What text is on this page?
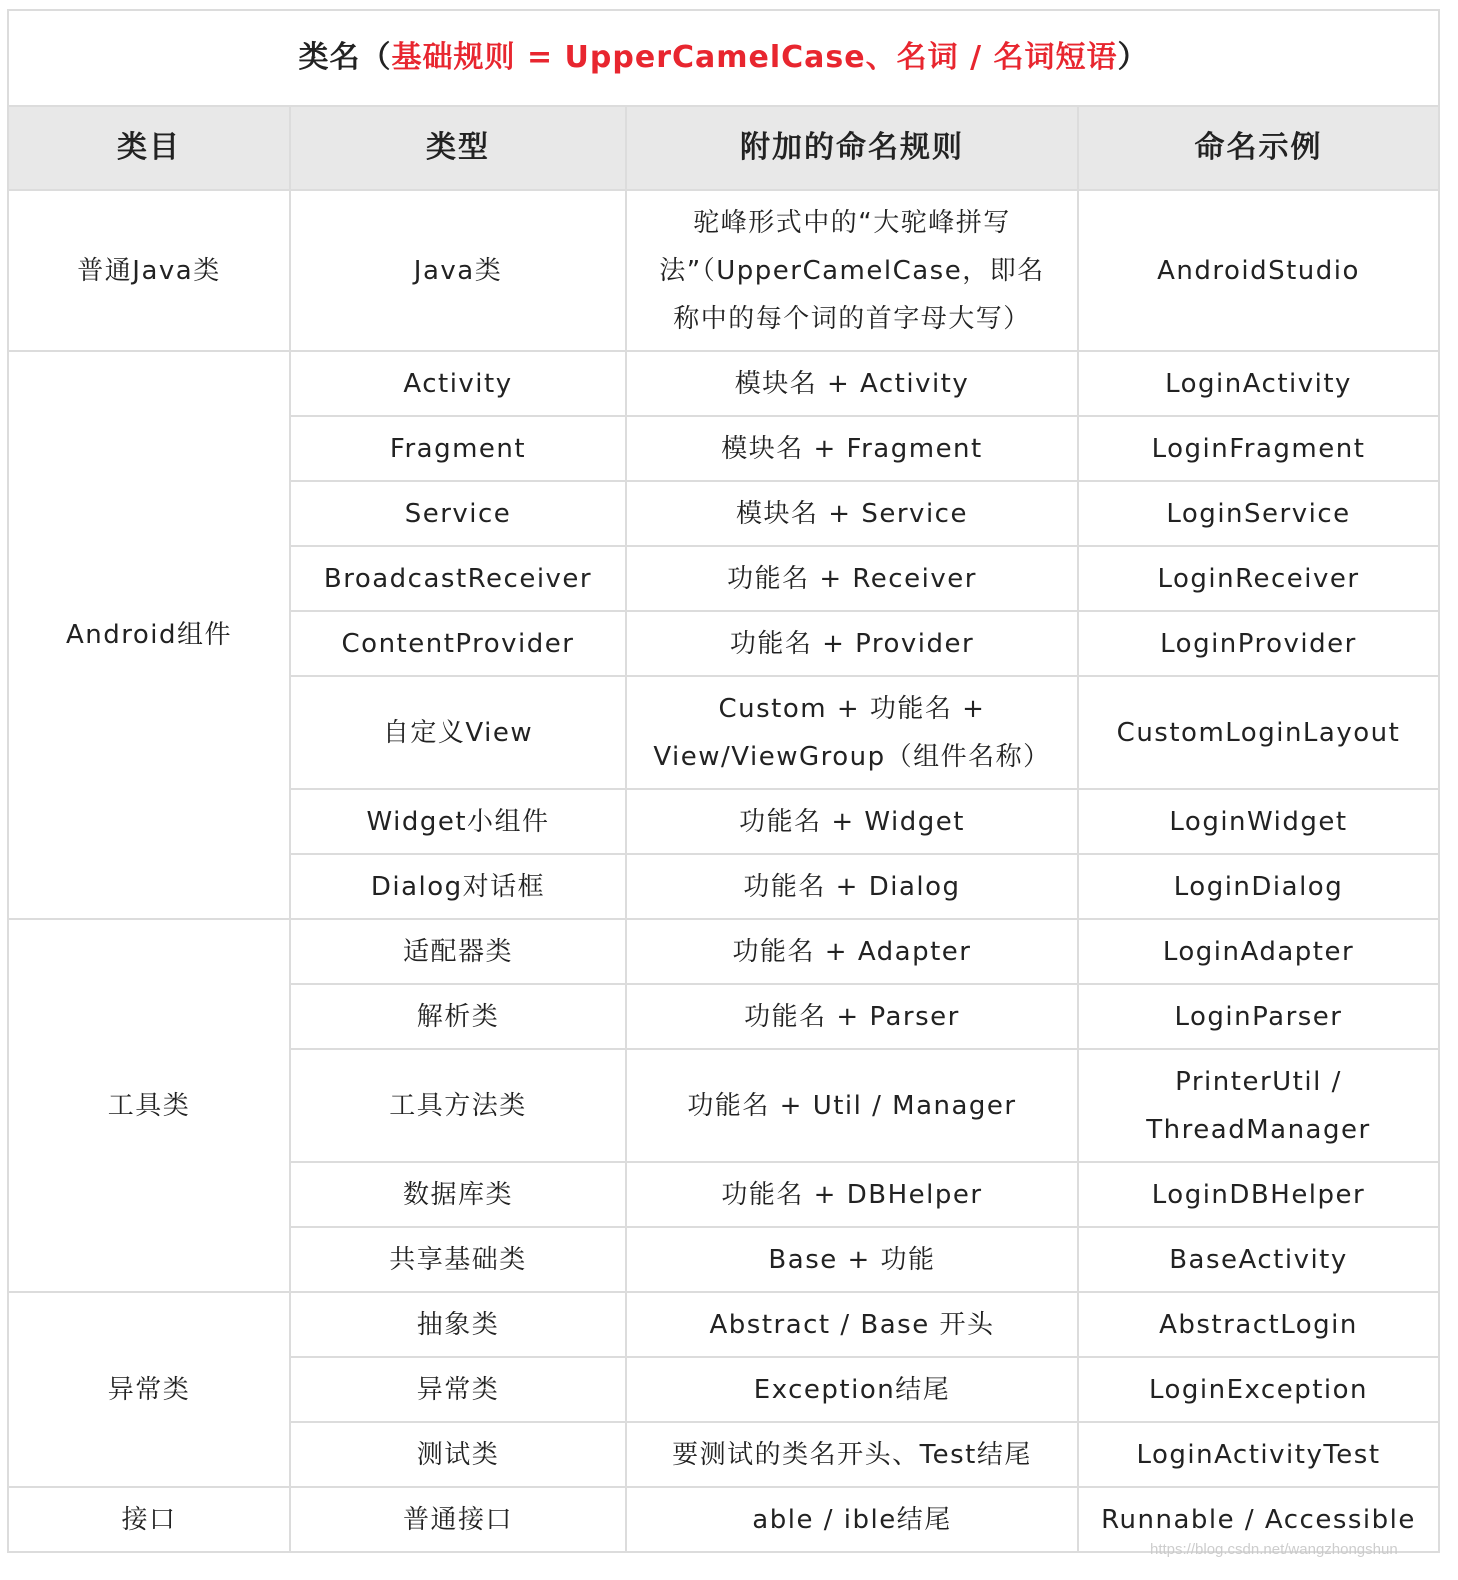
类名（基础规则 = UpperCamelCase、名词 / 名词短语）			
类目	类型	附加的命名规则	命名示例
普通Java类	Java类	驼峰形式中的“大驼峰拼写法”（UpperCamelCase，即名称中的每个词的首字母大写）	AndroidStudio
Android组件	Activity	模块名 + Activity	LoginActivity
	Fragment	模块名 + Fragment	LoginFragment
	Service	模块名 + Service	LoginService
	BroadcastReceiver	功能名 + Receiver	LoginReceiver
	ContentProvider	功能名 + Provider	LoginProvider
	自定义View	Custom + 功能名 + View/ViewGroup（组件名称）	CustomLoginLayout
	Widget小组件	功能名 + Widget	LoginWidget
	Dialog对话框	功能名 + Dialog	LoginDialog
工具类	适配器类	功能名 + Adapter	LoginAdapter
	解析类	功能名 + Parser	LoginParser
	工具方法类	功能名 + Util / Manager	PrinterUtil / ThreadManager
	数据库类	功能名 + DBHelper	LoginDBHelper
	共享基础类	Base + 功能	BaseActivity
异常类	抽象类	Abstract / Base 开头	AbstractLogin
	异常类	Exception结尾	LoginException
	测试类	要测试的类名开头、Test结尾	LoginActivityTest
接口	普通接口	able / ible结尾	Runnable / Accessible
https://blog.csdn.net/wangzhongshun
